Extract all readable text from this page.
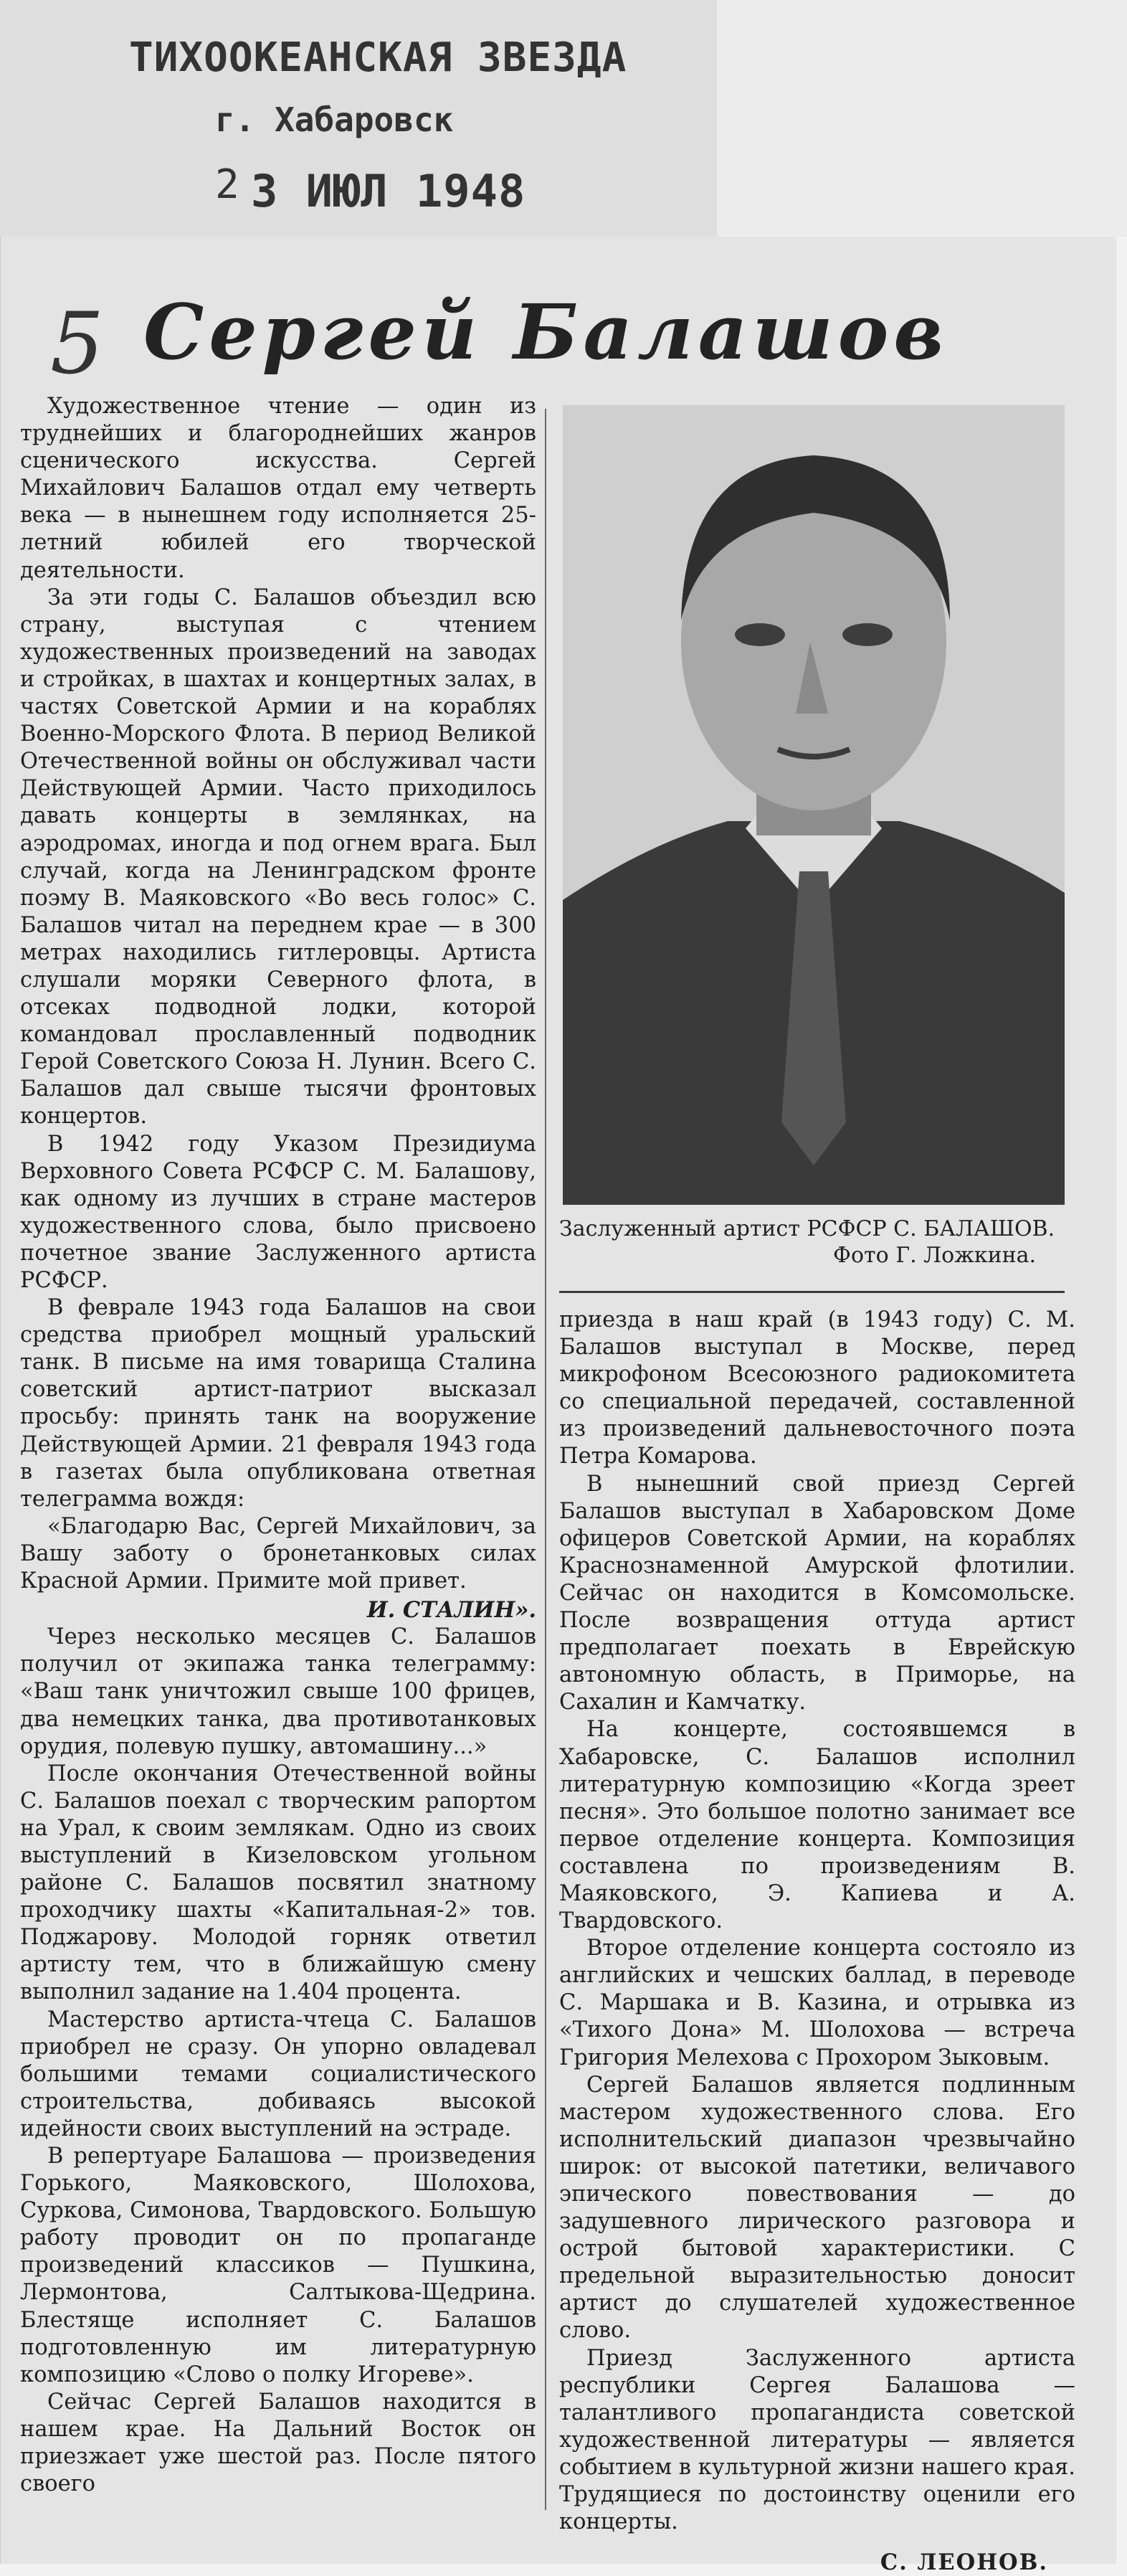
ТИХООКЕАНСКАЯ ЗВЕЗДА
г. Хабаровск
2 3 ИЮЛ 1948
5 Сергей Балашов

Художественное чтение — один из труднейших и благороднейших жанров сценического искусства. Сергей Михайлович Балашов отдал ему четверть века — в нынешнем году исполняется 25-летний юбилей его творческой деятельности.

За эти годы С. Балашов объездил всю страну, выступая с чтением художественных произведений на заводах и стройках, в шахтах и концертных залах, в частях Советской Армии и на кораблях Военно-Морского Флота. В период Великой Отечественной войны он обслуживал части Действующей Армии. Часто приходилось давать концерты в землянках, на аэродромах, иногда и под огнем врага. Был случай, когда на Ленинградском фронте поэму В. Маяковского «Во весь голос» С. Балашов читал на переднем крае — в 300 метрах находились гитлеровцы. Артиста слушали моряки Северного флота, в отсеках подводной лодки, которой командовал прославленный подводник Герой Советского Союза Н. Лунин. Всего С. Балашов дал свыше тысячи фронтовых концертов.

В 1942 году Указом Президиума Верховного Совета РСФСР С. М. Балашову, как одному из лучших в стране мастеров художественного слова, было присвоено почетное звание Заслуженного артиста РСФСР.

В феврале 1943 года Балашов на свои средства приобрел мощный уральский танк. В письме на имя товарища Сталина советский артист-патриот высказал просьбу: принять танк на вооружение Действующей Армии. 21 февраля 1943 года в газетах была опубликована ответная телеграмма вождя:

«Благодарю Вас, Сергей Михайлович, за Вашу заботу о бронетанковых силах Красной Армии. Примите мой привет.

И. СТАЛИН».

Через несколько месяцев С. Балашов получил от экипажа танка телеграмму: «Ваш танк уничтожил свыше 100 фрицев, два немецких танка, два противотанковых орудия, полевую пушку, автомашину...»

После окончания Отечественной войны С. Балашов поехал с творческим рапортом на Урал, к своим землякам. Одно из своих выступлений в Кизеловском угольном районе С. Балашов посвятил знатному проходчику шахты «Капитальная-2» тов. Поджарову. Молодой горняк ответил артисту тем, что в ближайшую смену выполнил задание на 1.404 процента.

Мастерство артиста-чтеца С. Балашов приобрел не сразу. Он упорно овладевал большими темами социалистического строительства, добиваясь высокой идейности своих выступлений на эстраде.

В репертуаре Балашова — произведения Горького, Маяковского, Шолохова, Суркова, Симонова, Твардовского. Большую работу проводит он по пропаганде произведений классиков — Пушкина, Лермонтова, Салтыкова-Щедрина. Блестяще исполняет С. Балашов подготовленную им литературную композицию «Слово о полку Игореве».

Сейчас Сергей Балашов находится в нашем крае. На Дальний Восток он приезжает уже шестой раз. После пятого своего

Заслуженный артист РСФСР С. БАЛАШОВ.
Фото Г. Ложкина.

приезда в наш край (в 1943 году) С. М. Балашов выступал в Москве, перед микрофоном Всесоюзного радиокомитета со специальной передачей, составленной из произведений дальневосточного поэта Петра Комарова.

В нынешний свой приезд Сергей Балашов выступал в Хабаровском Доме офицеров Советской Армии, на кораблях Краснознаменной Амурской флотилии. Сейчас он находится в Комсомольске. После возвращения оттуда артист предполагает поехать в Еврейскую автономную область, в Приморье, на Сахалин и Камчатку.

На концерте, состоявшемся в Хабаровске, С. Балашов исполнил литературную композицию «Когда зреет песня». Это большое полотно занимает все первое отделение концерта. Композиция составлена по произведениям В. Маяковского, Э. Капиева и А. Твардовского.

Второе отделение концерта состояло из английских и чешских баллад, в переводе С. Маршака и В. Казина, и отрывка из «Тихого Дона» М. Шолохова — встреча Григория Мелехова с Прохором Зыковым.

Сергей Балашов является подлинным мастером художественного слова. Его исполнительский диапазон чрезвычайно широк: от высокой патетики, величавого эпического повествования — до задушевного лирического разговора и острой бытовой характеристики. С предельной выразительностью доносит артист до слушателей художественное слово.

Приезд Заслуженного артиста республики Сергея Балашова — талантливого пропагандиста советской художественной литературы — является событием в культурной жизни нашего края. Трудящиеся по достоинству оценили его концерты.

С. ЛЕОНОВ.
